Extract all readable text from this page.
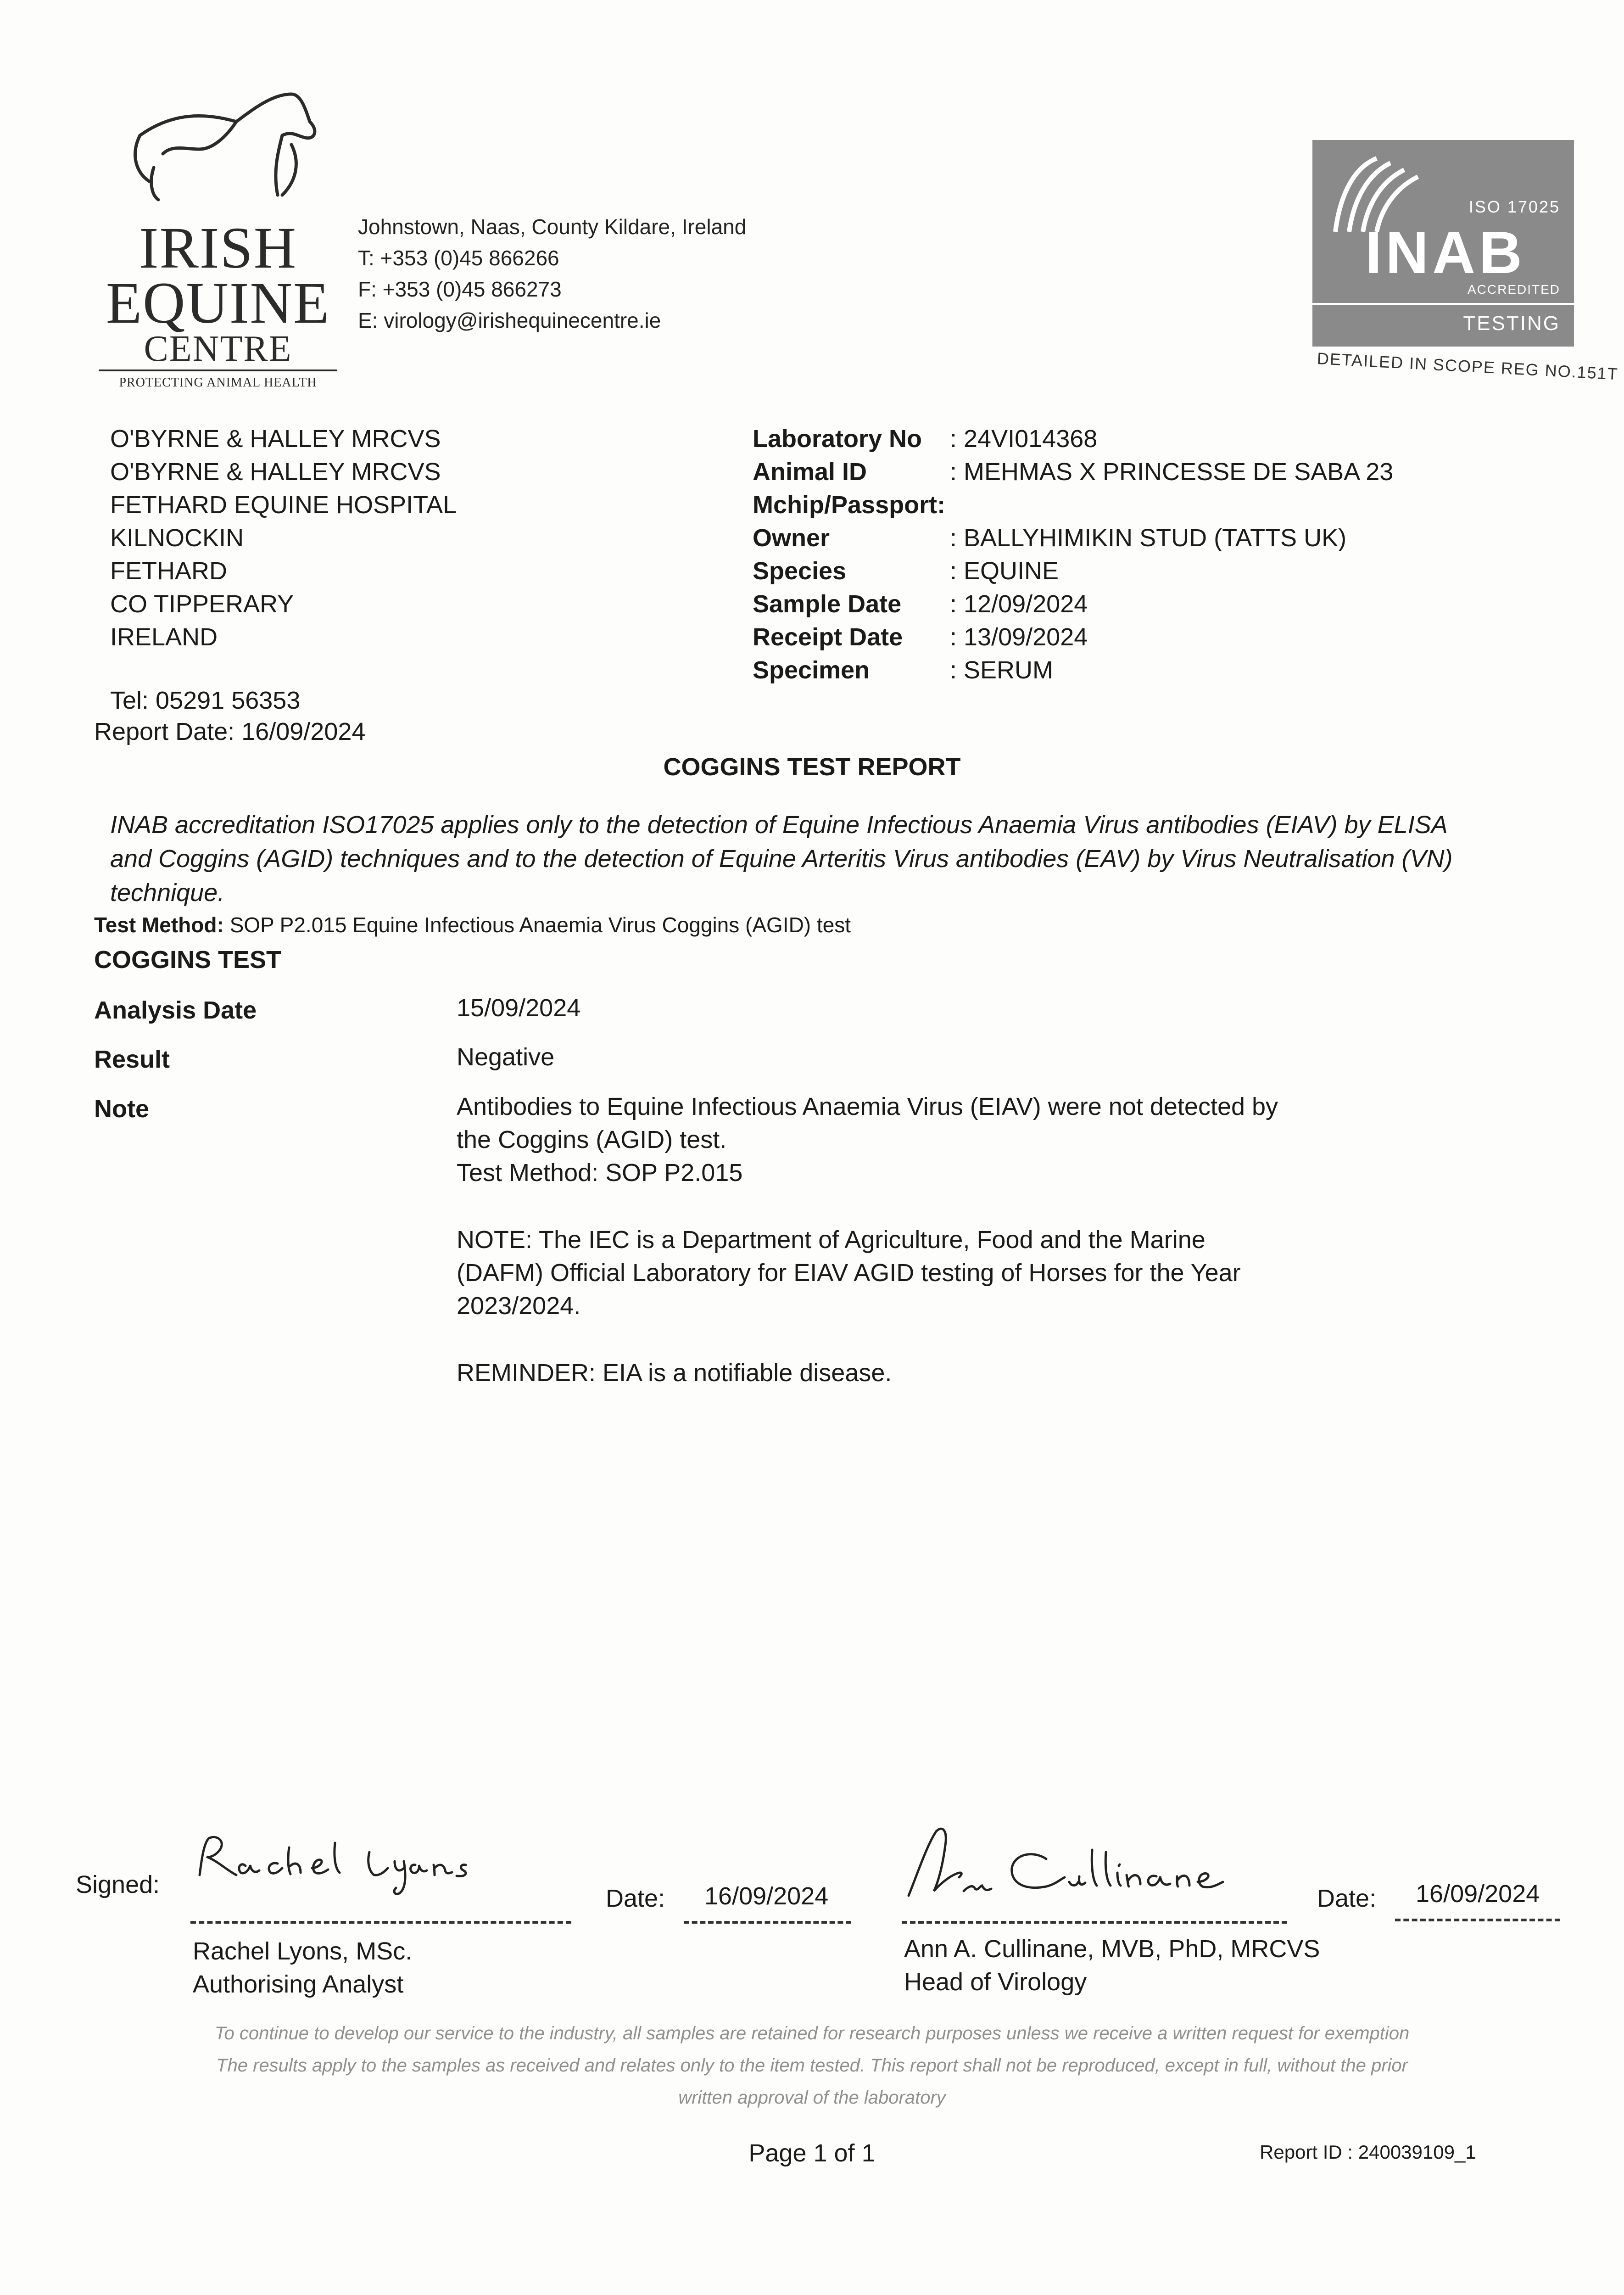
IRISH
EQUINE
CENTRE
PROTECTING ANIMAL HEALTH
Johnstown, Naas, County Kildare, Ireland
T: +353 (0)45 866266
F: +353 (0)45 866273
E: virology@irishequinecentre.ie
ISO 17025
INAB
ACCREDITED
TESTING
DETAILED IN SCOPE REG NO.151T
O'BYRNE & HALLEY MRCVS
O'BYRNE & HALLEY MRCVS
FETHARD EQUINE HOSPITAL
KILNOCKIN
FETHARD
CO TIPPERARY
IRELAND
Tel: 05291 56353
Report Date: 16/09/2024
Laboratory No : 24VI014368
Animal ID	: MEHMAS X PRINCESSE DE SABA 23
Mchip/Passport:
Owner	: BALLYHIMIKIN STUD (TATTS UK)
Species	: EQUINE
Sample Date : 12/09/2024
Receipt Date : 13/09/2024
Specimen	: SERUM
COGGINS TEST REPORT
INAB accreditation ISO17025 applies only to the detection of Equine Infectious Anaemia Virus antibodies (EIAV) by ELISA
and Coggins (AGID) techniques and to the detection of Equine Arteritis Virus antibodies (EAV) by Virus Neutralisation (VN)
technique.
Test Method: SOP P2.015 Equine Infectious Anaemia Virus Coggins (AGID) test
COGGINS TEST
Analysis Date	15/09/2024
Result	Negative
Note	Antibodies to Equine Infectious Anaemia Virus (EIAV) were not detected by
the Coggins (AGID) test.
Test Method: SOP P2.015
NOTE: The IEC is a Department of Agriculture, Food and the Marine
(DAFM) Official Laboratory for EIAV AGID testing of Horses for the Year
2023/2024.
REMINDER: EIA is a notifiable disease.
Signed:	Date: 16/09/2024	Date: 16/09/2024
Rachel Lyons, MSc.
Authorising Analyst
Ann A. Cullinane, MVB, PhD, MRCVS
Head of Virology
To continue to develop our service to the industry, all samples are retained for research purposes unless we receive a written request for exemption
The results apply to the samples as received and relates only to the item tested. This report shall not be reproduced, except in full, without the prior
written approval of the laboratory
Page 1 of 1	Report ID : 240039109_1
